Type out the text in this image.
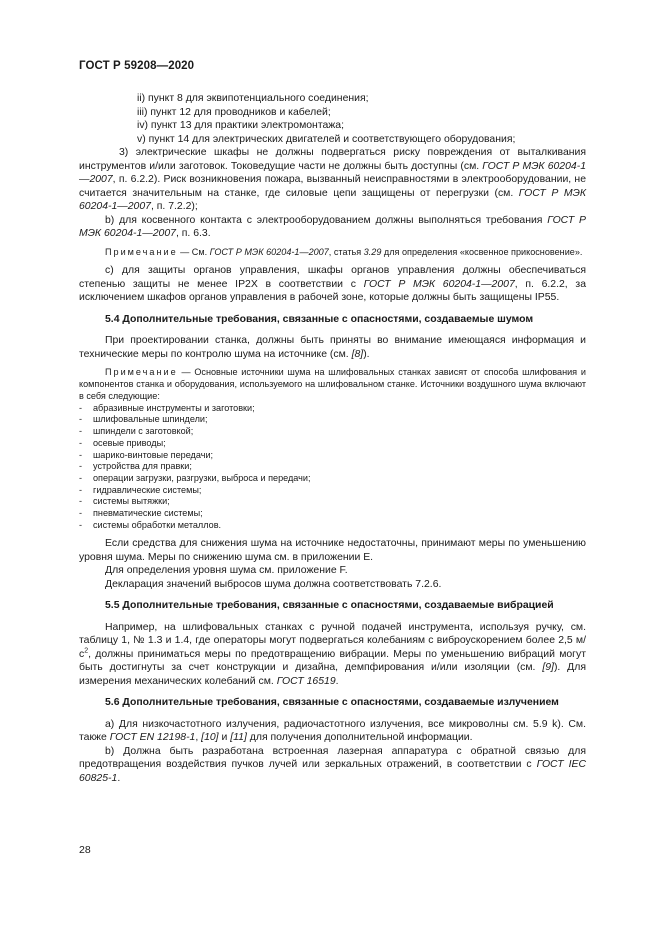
ГОСТ Р 59208—2020

ii) пункт 8 для эквипотенциального соединения;

iii) пункт 12 для проводников и кабелей;

iv) пункт 13 для практики электромонтажа;

v) пункт 14 для электрических двигателей и соответствующего оборудования;

3) электрические шкафы не должны подвергаться риску повреждения от выталкивания инструментов и/или заготовок. Токоведущие части не должны быть доступны (см. ГОСТ Р МЭК 60204-1—2007, п. 6.2.2). Риск возникновения пожара, вызванный неисправностями в электрооборудовании, не считается значительным на станке, где силовые цепи защищены от перегрузки (см. ГОСТ Р МЭК 60204-1—2007, п. 7.2.2);

b) для косвенного контакта с электрооборудованием должны выполняться требования ГОСТ Р МЭК 60204-1—2007, п. 6.3.

Примечание — См. ГОСТ Р МЭК 60204-1—2007, статья 3.29 для определения «косвенное прикосновение».

с) для защиты органов управления, шкафы органов управления должны обеспечиваться степенью защиты не менее IP2X в соответствии с ГОСТ Р МЭК 60204-1—2007, п. 6.2.2, за исключением шкафов органов управления в рабочей зоне, которые должны быть защищены IP55.

5.4 Дополнительные требования, связанные с опасностями, создаваемые шумом

При проектировании станка, должны быть приняты во внимание имеющаяся информация и технические меры по контролю шума на источнике (см. [8]).

Примечание — Основные источники шума на шлифовальных станках зависят от способа шлифования и компонентов станка и оборудования, используемого на шлифовальном станке. Источники воздушного шума включают в себя следующие:

- абразивные инструменты и заготовки;
- шлифовальные шпиндели;
- шпиндели с заготовкой;
- осевые приводы;
- шарико-винтовые передачи;
- устройства для правки;
- операции загрузки, разгрузки, выброса и передачи;
- гидравлические системы;
- системы вытяжки;
- пневматические системы;
- системы обработки металлов.

Если средства для снижения шума на источнике недостаточны, принимают меры по уменьшению уровня шума. Меры по снижению шума см. в приложении Е.

Для определения уровня шума см. приложение F.

Декларация значений выбросов шума должна соответствовать 7.2.6.

5.5 Дополнительные требования, связанные с опасностями, создаваемые вибрацией

Например, на шлифовальных станках с ручной подачей инструмента, используя ручку, см. таблицу 1, № 1.3 и 1.4, где операторы могут подвергаться колебаниям с виброускорением более 2,5 $м/с^2$, должны приниматься меры по предотвращению вибрации. Меры по уменьшению вибраций могут быть достигнуты за счет конструкции и дизайна, демпфирования и/или изоляции (см. [9]). Для измерения механических колебаний см. ГОСТ 16519.

5.6 Дополнительные требования, связанные с опасностями, создаваемые излучением

а) Для низкочастотного излучения, радиочастотного излучения, все микроволны см. 5.9 k). См. также ГОСТ EN 12198-1, [10] и [11] для получения дополнительной информации.

b) Должна быть разработана встроенная лазерная аппаратура с обратной связью для предотвращения воздействия пучков лучей или зеркальных отражений, в соответствии с ГОСТ IEC 60825-1.

28
